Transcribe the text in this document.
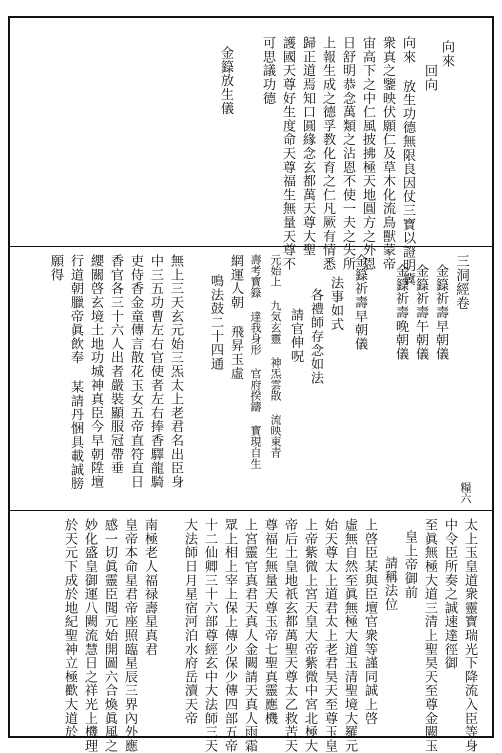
向來
回向
向來 放生功德無限良因仗三寶以證明冀
衆真之鑒映伏願仁及草木化流鳥獸蒙帝
宙高下之中仁風披拂極天地圓方之外恩
日舒明恭念萬類之沾恩不使一夫之失所
上報生成之德孚教化育之仁凡厥有情悉
歸正道焉知口圓緣念玄都萬天尊大聖
護國天尊好生度命天尊福生無量天尊不
可思議功德
金籙放生儀
三洞經卷
金籙祈壽早朝儀
金籙祈壽午朝儀
金籙祈壽晚朝儀
金籙祈壽早朝儀
法事如式
各禮師存念如法
請官伸呪
元始上 九気玄靈 神炁雲散 流映東青
壽考寳籙 達我身形 官府揆鑄 寳現自生
網運人朝 飛昇玉虛
鳴法鼓二十四通
無上三天玄元始三炁太上老君名出臣身
中三五功曹左右官使者左右捧香驛龍騎
吏侍香金童傳言散花玉女五帝直符直日
香官各三十六人出者嚴裝顯服冠帶垂
纓關啓玄境土地功城神真臣今早朝陞壇
行道朝臘帝眞飲奉 某請丹悃具載誠膀
願得
糧六
太上玉皇道衆靈寳瑞光下降流入臣等身
中令臣所奏之誠速達徑御
至眞無極大道三清上聖昊天至尊金闕玉
皇上帝御前
請稱法位
上啓臣某與臣壇官衆等謹同誠上啓
虛無自然至眞無極大道玉清聖境大羅元
始天尊太上道君太上老君昊天至尊玉皇
上帝紫微上宮天皇大帝紫微中宮北極大
帝后土皇地祇玄都萬聖天尊太乙救苦天
尊福生無量天尊玉帝七聖真靈應機
上宮靈官真君天真人金闕請天真人雨霜
眾上相上宰上保上傳少保少傳四部五帝
十二仙卿三十六部尊經玄中大法師三天
大法師日月星宿河泊水府岳瀆天帝
南極老人福禄壽星真君
皇帝本命星君帝座照臨星辰三界內外應
感一切眞靈臣聞元始開圖六合煥眞風之
妙化盛皇御運八闕流慧日之祥光上機理
於天元下成於地紀聖神立極歡大道於
